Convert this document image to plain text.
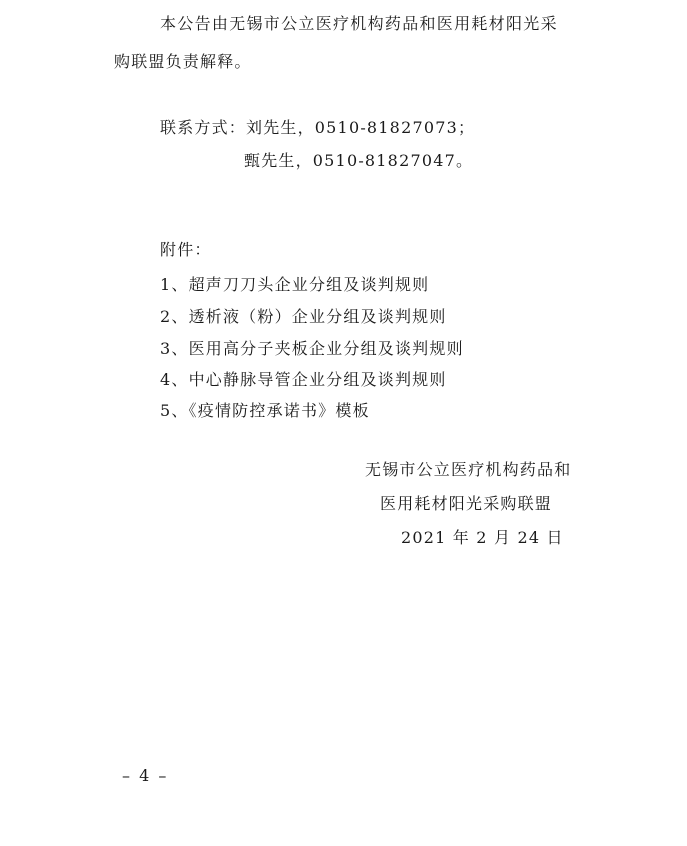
本公告由无锡市公立医疗机构药品和医用耗材阳光采
购联盟负责解释。
联系方式：刘先生，0510-81827073；
甄先生，0510-81827047。
附件：
1、超声刀刀头企业分组及谈判规则
2、透析液（粉）企业分组及谈判规则
3、医用高分子夹板企业分组及谈判规则
4、中心静脉导管企业分组及谈判规则
5、《疫情防控承诺书》模板
无锡市公立医疗机构药品和
医用耗材阳光采购联盟
2021 年 2 月 24 日
– 4 –
